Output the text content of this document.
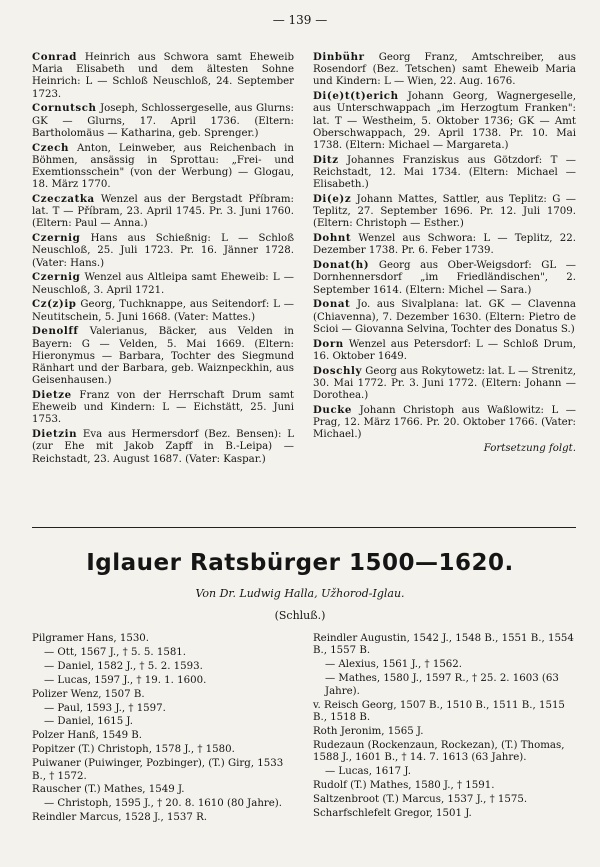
— 139 —

Conrad Heinrich aus Schwora samt Eheweib Maria Elisabeth und dem ältesten Sohne Heinrich: L — Schloß Neuschloß, 24. September 1723.

Cornutsch Joseph, Schlossergeselle, aus Glurns: GK — Glurns, 17. April 1736. (Eltern: Bartholomäus — Katharina, geb. Sprenger.)

Czech Anton, Leinweber, aus Reichenbach in Böhmen, ansässig in Sprottau: „Frei- und Exemtionsschein" (von der Werbung) — Glogau, 18. März 1770.

Czeczatka Wenzel aus der Bergstadt Příbram: lat. T — Příbram, 23. April 1745. Pr. 3. Juni 1760. (Eltern: Paul — Anna.)

Czernig Hans aus Schießnig: L — Schloß Neuschloß, 25. Juli 1723. Pr. 16. Jänner 1728. (Vater: Hans.)

Czernig Wenzel aus Altleipa samt Eheweib: L — Neuschloß, 3. April 1721.

Cz(z)ip Georg, Tuchknappe, aus Seitendorf: L — Neutitschein, 5. Juni 1668. (Vater: Mattes.)

Denolff Valerianus, Bäcker, aus Velden in Bayern: G — Velden, 5. Mai 1669. (Eltern: Hieronymus — Barbara, Tochter des Siegmund Ränhart und der Barbara, geb. Waiznpeckhin, aus Geisenhausen.)

Dietze Franz von der Herrschaft Drum samt Eheweib und Kindern: L — Eichstätt, 25. Juni 1753.

Dietzin Eva aus Hermersdorf (Bez. Bensen): L (zur Ehe mit Jakob Zapff in B.-Leipa) — Reichstadt, 23. August 1687. (Vater: Kaspar.)

Dinbühr Georg Franz, Amtschreiber, aus Rosendorf (Bez. Tetschen) samt Eheweib Maria und Kindern: L — Wien, 22. Aug. 1676.

Di(e)t(t)erich Johann Georg, Wagnergeselle, aus Unterschwappach „im Herzogtum Franken": lat. T — Westheim, 5. Oktober 1736; GK — Amt Oberschwappach, 29. April 1738. Pr. 10. Mai 1738. (Eltern: Michael — Margareta.)

Ditz Johannes Franziskus aus Götzdorf: T — Reichstadt, 12. Mai 1734. (Eltern: Michael — Elisabeth.)

Di(e)z Johann Mattes, Sattler, aus Teplitz: G — Teplitz, 27. September 1696. Pr. 12. Juli 1709. (Eltern: Christoph — Esther.)

Dohnt Wenzel aus Schwora: L — Teplitz, 22. Dezember 1738. Pr. 6. Feber 1739.

Donat(h) Georg aus Ober-Weigsdorf: GL — Dornhennersdorf „im Friedländischen", 2. September 1614. (Eltern: Michel — Sara.)

Donat Jo. aus Sivalplana: lat. GK — Clavenna (Chiavenna), 7. Dezember 1630. (Eltern: Pietro de Scioi — Giovanna Selvina, Tochter des Donatus S.)

Dorn Wenzel aus Petersdorf: L — Schloß Drum, 16. Oktober 1649.

Doschly Georg aus Rokytowetz: lat. L — Strenitz, 30. Mai 1772. Pr. 3. Juni 1772. (Eltern: Johann — Dorothea.)

Ducke Johann Christoph aus Waßlowitz: L — Prag, 12. März 1766. Pr. 20. Oktober 1766. (Vater: Michael.)

Fortsetzung folgt.
Iglauer Ratsbürger 1500—1620.
Von Dr. Ludwig Halla, Užhorod-Iglau.
(Schluß.)
Pilgramer Hans, 1530.
— Ott, 1567 J., † 5. 5. 1581.
— Daniel, 1582 J., † 5. 2. 1593.
— Lucas, 1597 J., † 19. 1. 1600.
Polizer Wenz, 1507 B.
— Paul, 1593 J., † 1597.
— Daniel, 1615 J.
Polzer Hanß, 1549 B.
Popitzer (T.) Christoph, 1578 J., † 1580.
Puiwaner (Puiwinger, Pozbinger), (T.) Girg, 1533 B., † 1572.
Rauscher (T.) Mathes, 1549 J.
— Christoph, 1595 J., † 20. 8. 1610 (80 Jahre).
Reindler Marcus, 1528 J., 1537 R.
Reindler Augustin, 1542 J., 1548 B., 1551 B., 1554 B., 1557 B.
— Alexius, 1561 J., † 1562.
— Mathes, 1580 J., 1597 R., † 25. 2. 1603 (63 Jahre).
v. Reisch Georg, 1507 B., 1510 B., 1511 B., 1515 B., 1518 B.
Roth Jeronim, 1565 J.
Rudezaun (Rockenzaun, Rockezan), (T.) Thomas, 1588 J., 1601 B., † 14. 7. 1613 (63 Jahre).
— Lucas, 1617 J.
Rudolf (T.) Mathes, 1580 J., † 1591.
Saltzenbroot (T.) Marcus, 1537 J., † 1575.
Scharfschlefelt Gregor, 1501 J.
